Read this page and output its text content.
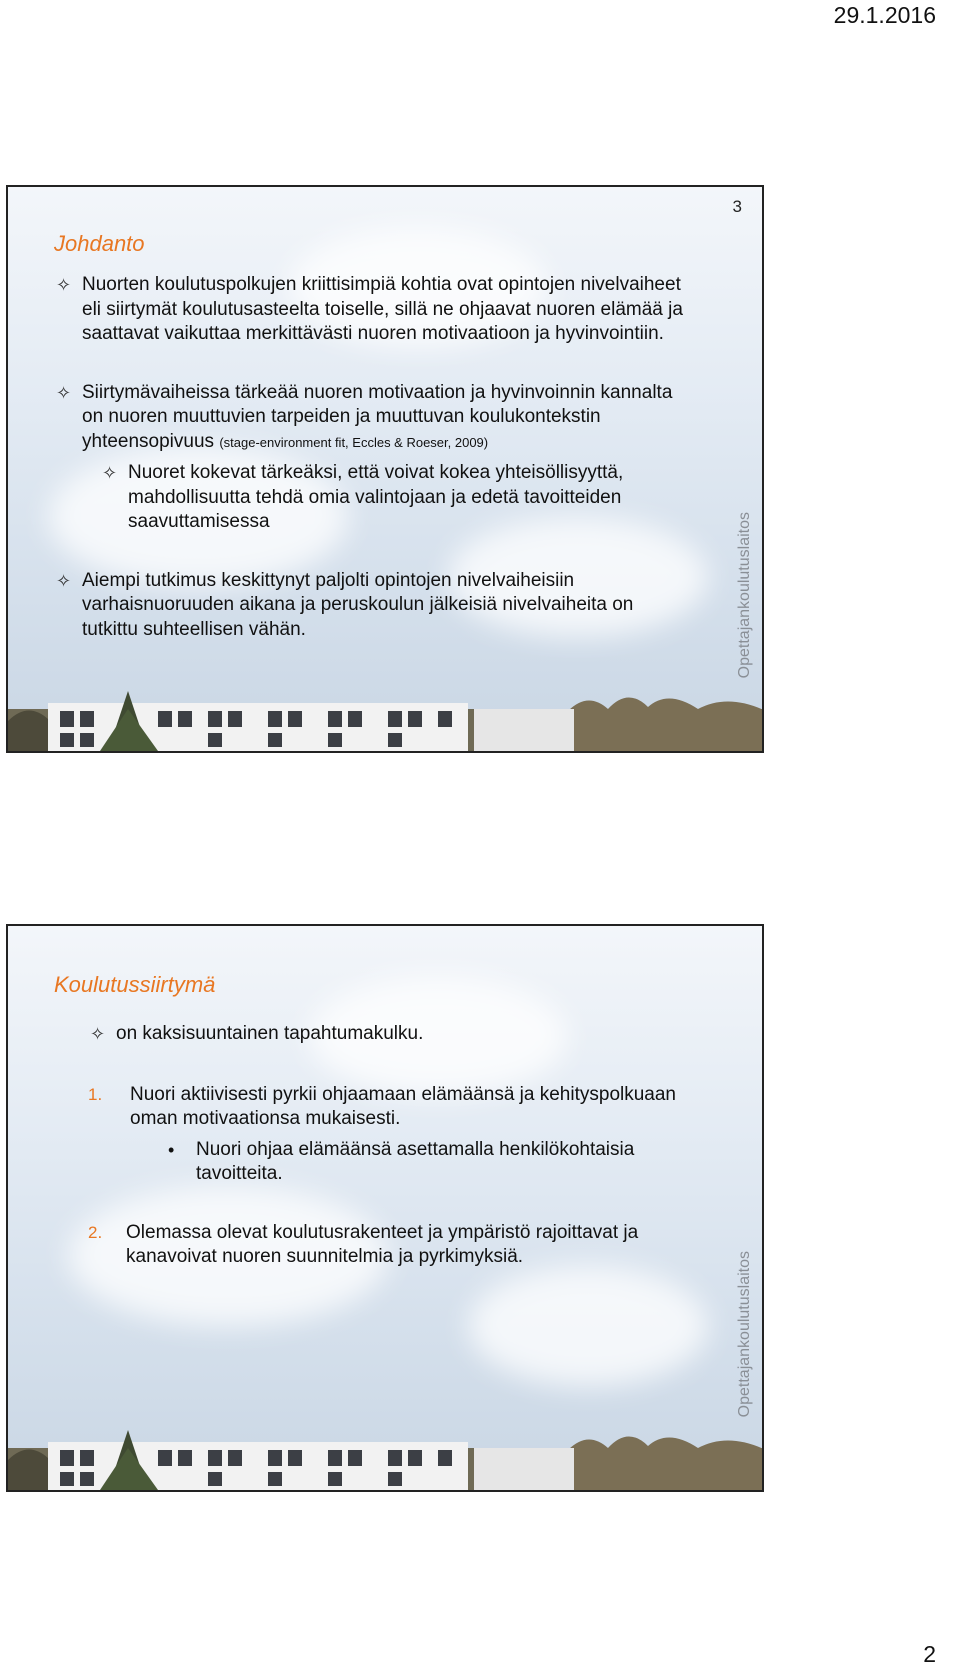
29.1.2016
3
Johdanto
✧ Nuorten koulutuspolkujen kriittisimpiä kohtia ovat opintojen nivelvaiheet eli siirtymät koulutusasteelta toiselle, sillä ne ohjaavat nuoren elämää ja saattavat vaikuttaa merkittävästi nuoren motivaatioon ja hyvinvointiin.
✧ Siirtymävaiheissa tärkeää nuoren motivaation ja hyvinvoinnin kannalta on nuoren muuttuvien tarpeiden ja muuttuvan koulukontekstin yhteensopivuus (stage-environment fit, Eccles & Roeser, 2009)
✧ Nuoret kokevat tärkeäksi, että voivat kokea yhteisöllisyyttä, mahdollisuutta tehdä omia valintojaan ja edetä tavoitteiden saavuttamisessa
✧ Aiempi tutkimus keskittynyt paljolti opintojen nivelvaiheisiin varhaisnuoruuden aikana ja peruskoulun jälkeisiä nivelvaiheita on tutkittu suhteellisen vähän.	Opettajankoulutuslaitos
Koulutussiirtymä
✧ on kaksisuuntainen tapahtumakulku.
1. Nuori aktiivisesti pyrkii ohjaamaan elämäänsä ja kehityspolkuaan oman motivaationsa mukaisesti.
• Nuori ohjaa elämäänsä asettamalla henkilökohtaisia tavoitteita.
2. Olemassa olevat koulutusrakenteet ja ympäristö rajoittavat ja kanavoivat nuoren suunnitelmia ja pyrkimyksiä.	Opettajankoulutuslaitos
2
